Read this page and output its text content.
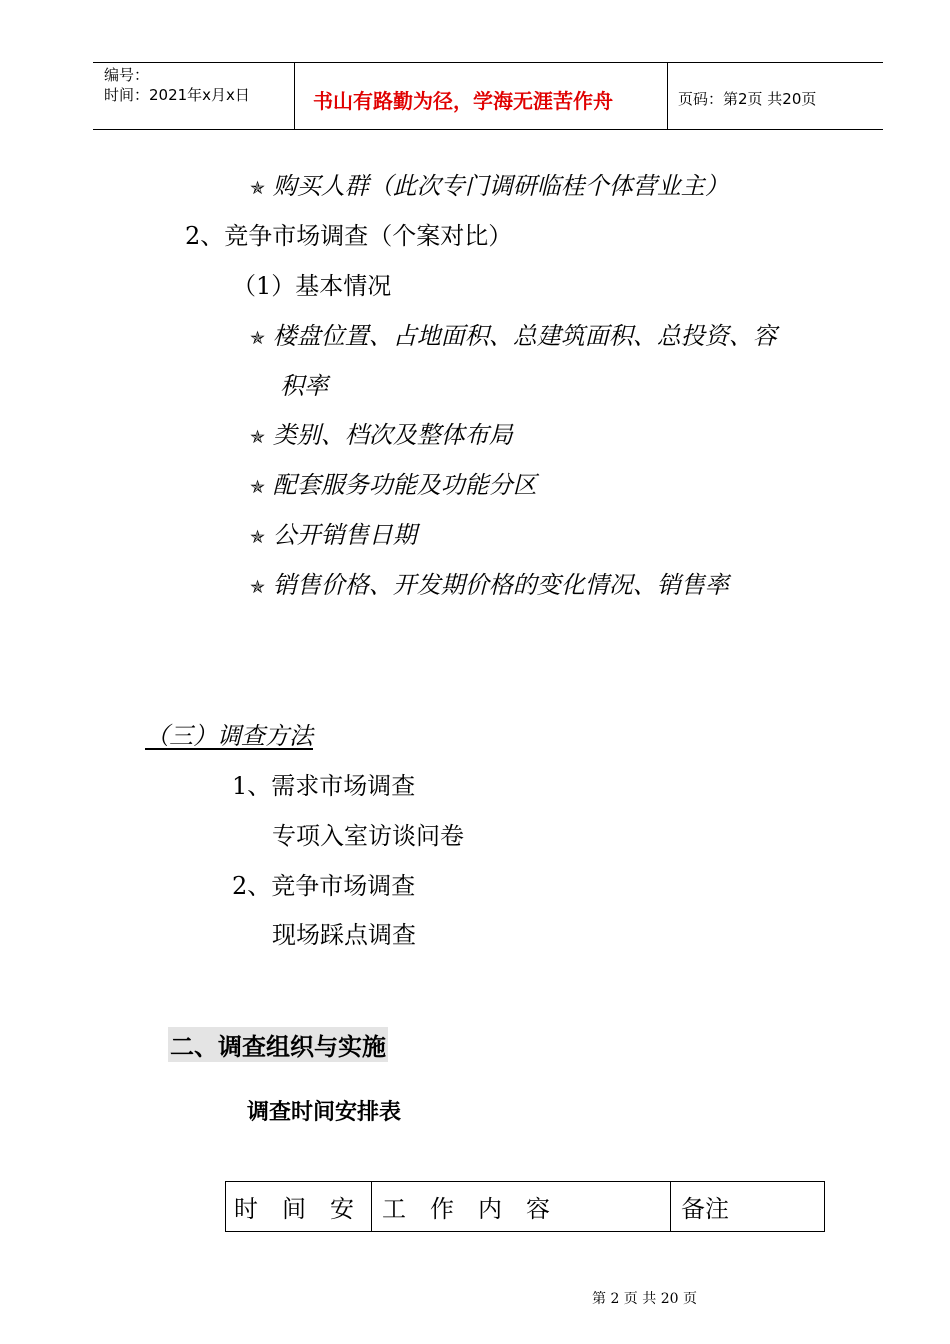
编号：
时间：2021年x月x日	书山有路勤为径，学海无涯苦作舟	页码：第2页 共20页
✯ 购买人群（此次专门调研临桂个体营业主）
2、竞争市场调查（个案对比）
（1）基本情况
✯ 楼盘位置、占地面积、总建筑面积、总投资、容
积率
✯ 类别、档次及整体布局
✯ 配套服务功能及功能分区
✯ 公开销售日期
✯ 销售价格、开发期价格的变化情况、销售率
（三）调查方法
1、需求市场调查
专项入室访谈问卷
2、竞争市场调查
现场踩点调查
二、调查组织与实施
调查时间安排表
时　间　安	工　作　内　容	备注
第 2 页 共 20 页
